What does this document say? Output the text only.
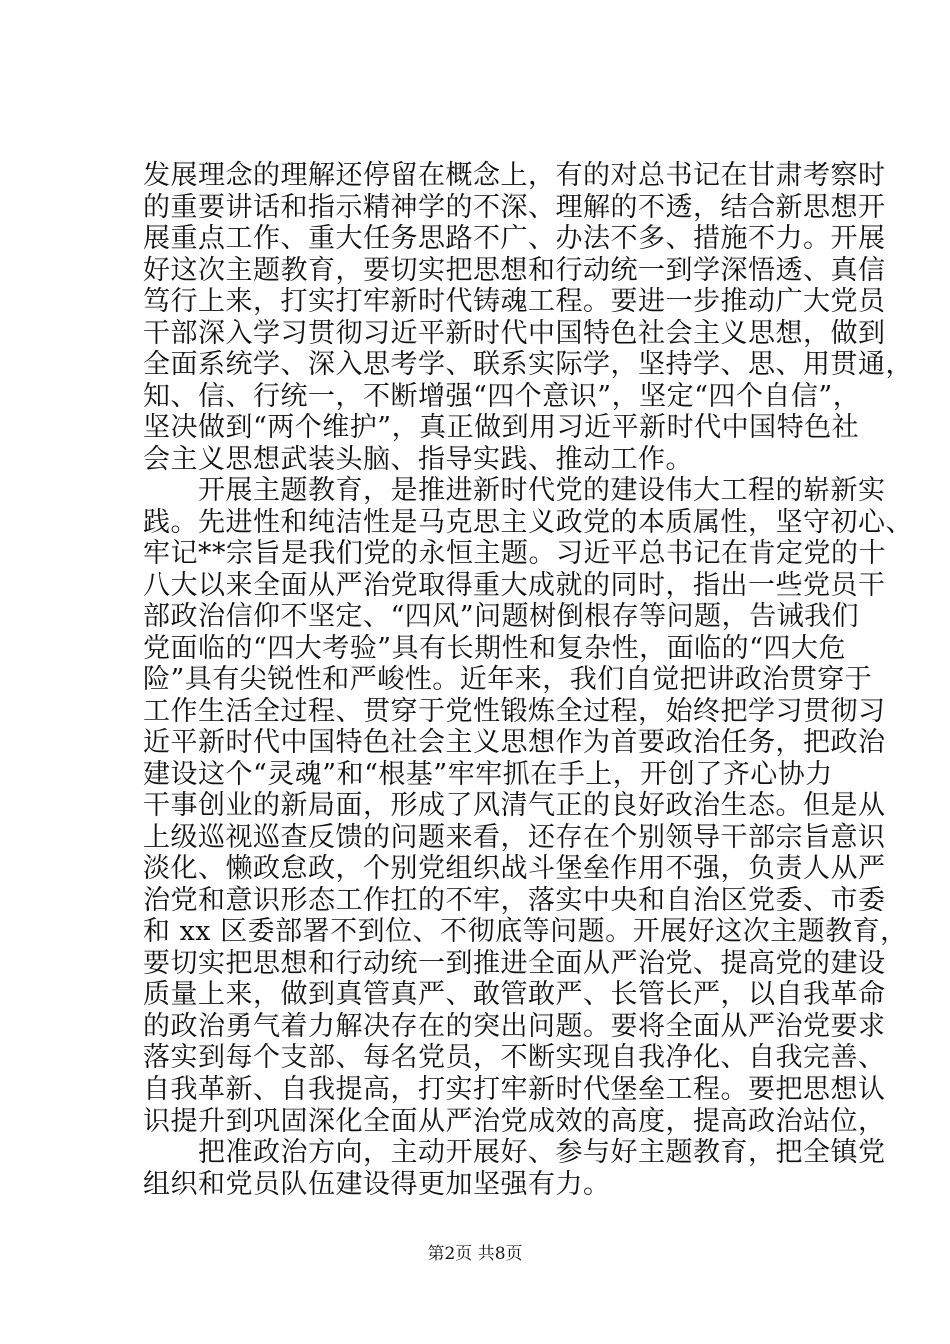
发展理念的理解还停留在概念上，有的对总书记在甘肃考察时
的重要讲话和指示精神学的不深、理解的不透，结合新思想开
展重点工作、重大任务思路不广、办法不多、措施不力。开展
好这次主题教育，要切实把思想和行动统一到学深悟透、真信
笃行上来，打实打牢新时代铸魂工程。要进一步推动广大党员
干部深入学习贯彻习近平新时代中国特色社会主义思想，做到
全面系统学、深入思考学、联系实际学，坚持学、思、用贯通，
知、信、行统一，不断增强“四个意识”，坚定“四个自信”，
坚决做到“两个维护”，真正做到用习近平新时代中国特色社
会主义思想武装头脑、指导实践、推动工作。
　　开展主题教育，是推进新时代党的建设伟大工程的崭新实
践。先进性和纯洁性是马克思主义政党的本质属性，坚守初心、
牢记**宗旨是我们党的永恒主题。习近平总书记在肯定党的十
八大以来全面从严治党取得重大成就的同时，指出一些党员干
部政治信仰不坚定、“四风”问题树倒根存等问题，告诫我们
党面临的“四大考验”具有长期性和复杂性，面临的“四大危
险”具有尖锐性和严峻性。近年来，我们自觉把讲政治贯穿于
工作生活全过程、贯穿于党性锻炼全过程，始终把学习贯彻习
近平新时代中国特色社会主义思想作为首要政治任务，把政治
建设这个“灵魂”和“根基”牢牢抓在手上，开创了齐心协力
干事创业的新局面，形成了风清气正的良好政治生态。但是从
上级巡视巡查反馈的问题来看，还存在个别领导干部宗旨意识
淡化、懒政怠政，个别党组织战斗堡垒作用不强，负责人从严
治党和意识形态工作扛的不牢，落实中央和自治区党委、市委
和 xx 区委部署不到位、不彻底等问题。开展好这次主题教育，
要切实把思想和行动统一到推进全面从严治党、提高党的建设
质量上来，做到真管真严、敢管敢严、长管长严，以自我革命
的政治勇气着力解决存在的突出问题。要将全面从严治党要求
落实到每个支部、每名党员，不断实现自我净化、自我完善、
自我革新、自我提高，打实打牢新时代堡垒工程。要把思想认
识提升到巩固深化全面从严治党成效的高度，提高政治站位，
　　把准政治方向，主动开展好、参与好主题教育，把全镇党
组织和党员队伍建设得更加坚强有力。
第2页 共8页
